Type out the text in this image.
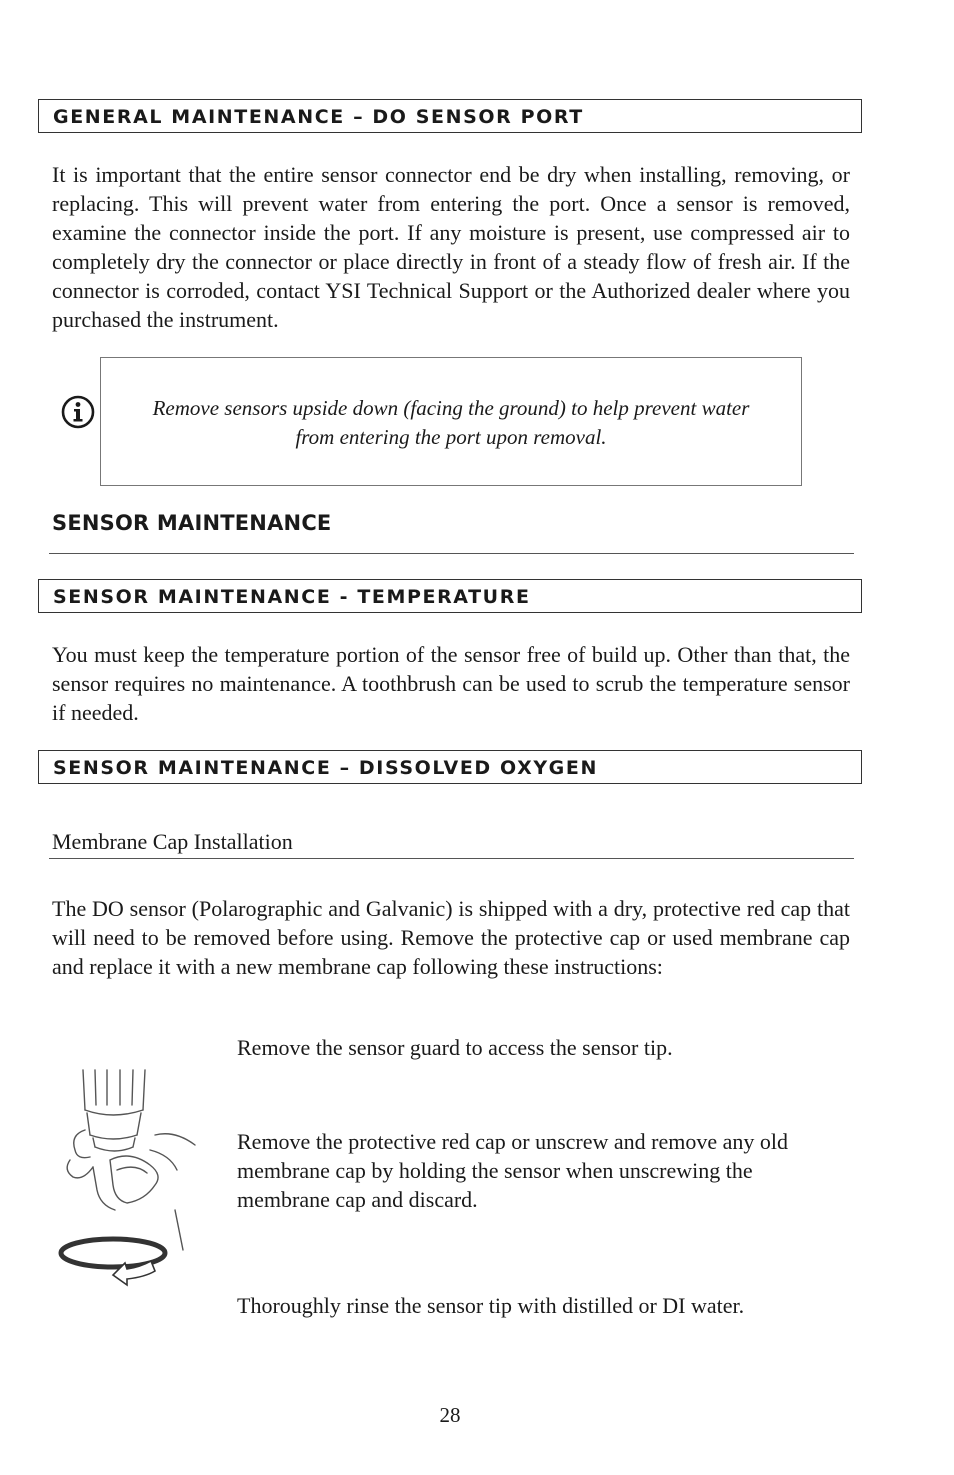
GENERAL MAINTENANCE – DO SENSOR PORT

It is important that the entire sensor connector end be dry when installing, removing, or replacing. This will prevent water from entering the port. Once a sensor is removed, examine the connector inside the port. If any moisture is present, use compressed air to completely dry the connector or place directly in front of a steady flow of fresh air. If the connector is corroded, contact YSI Technical Support or the Authorized dealer where you purchased the instrument.

Remove sensors upside down (facing the ground) to help prevent water from entering the port upon removal.

SENSOR MAINTENANCE
SENSOR MAINTENANCE - TEMPERATURE

You must keep the temperature portion of the sensor free of build up. Other than that, the sensor requires no maintenance. A toothbrush can be used to scrub the temperature sensor if needed.

SENSOR MAINTENANCE – DISSOLVED OXYGEN
Membrane Cap Installation

The DO sensor (Polarographic and Galvanic) is shipped with a dry, protective red cap that will need to be removed before using. Remove the protective cap or used membrane cap and replace it with a new membrane cap following these instructions:

Remove the sensor guard to access the sensor tip.

Remove the protective red cap or unscrew and remove any old membrane cap by holding the sensor when unscrewing the membrane cap and discard.

Thoroughly rinse the sensor tip with distilled or DI water.

28
